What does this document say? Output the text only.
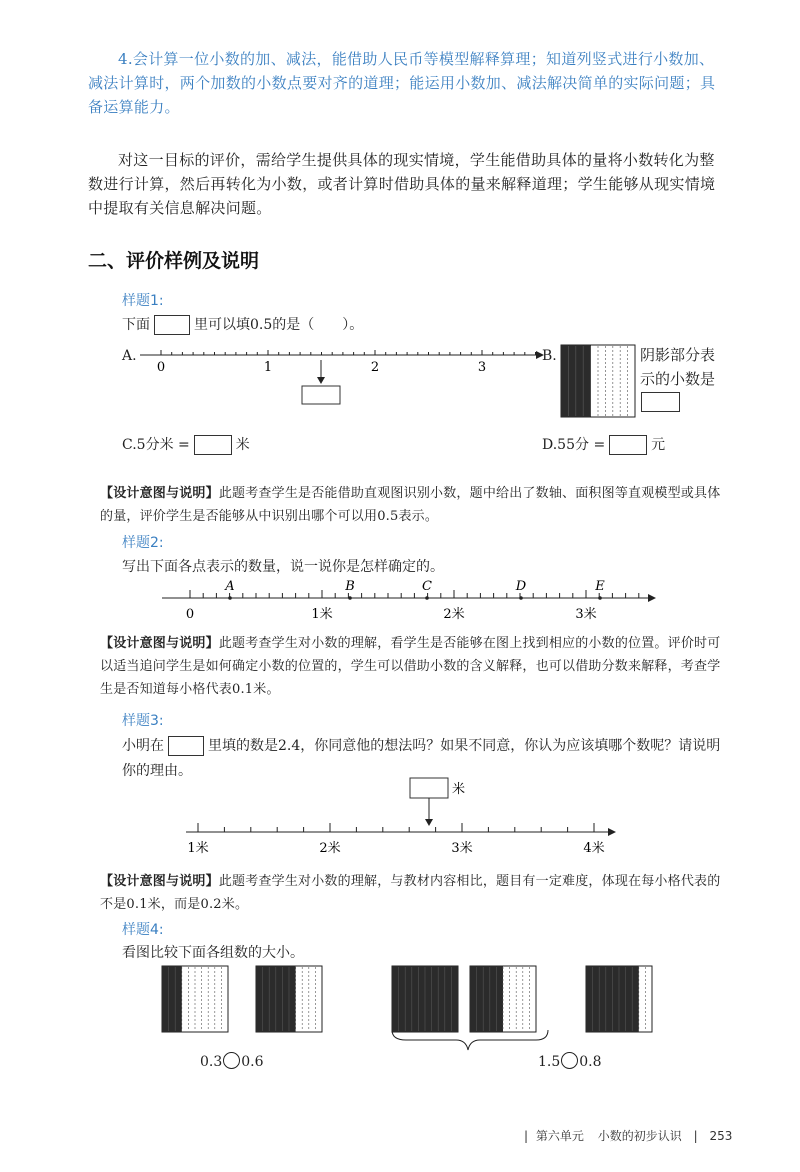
4.会计算一位小数的加、减法，能借助人民币等模型解释算理；知道列竖式进行小数加、减法计算时，两个加数的小数点要对齐的道理；能运用小数加、减法解决简单的实际问题；具备运算能力。
对这一目标的评价，需给学生提供具体的现实情境，学生能借助具体的量将小数转化为整数进行计算，然后再转化为小数，或者计算时借助具体的量来解释道理；学生能够从现实情境中提取有关信息解决问题。
二、评价样例及说明
样题1:
下面	里可以填0.5的是（　　）。
A.
0	1	2	3
B.	阴影部分表
示的小数是
C.5分米 =	米	D.55分 =	元
【设计意图与说明】此题考查学生是否能借助直观图识别小数，题中给出了数轴、面积图等直观模型或具体的量，评价学生是否能够从中识别出哪个可以用0.5表示。
样题2:
写出下面各点表示的数量，说一说你是怎样确定的。
A	B	C	D	E
0	1米	2米	3米
【设计意图与说明】此题考查学生对小数的理解，看学生是否能够在图上找到相应的小数的位置。评价时可以适当追问学生是如何确定小数的位置的，学生可以借助小数的含义解释，也可以借助分数来解释，考查学生是否知道每小格代表0.1米。
样题3:
小明在	里填的数是2.4，你同意他的想法吗？如果不同意，你认为应该填哪个数呢？请说明你的理由。
米
1米	2米	3米	4米
【设计意图与说明】此题考查学生对小数的理解，与教材内容相比，题目有一定难度，体现在每小格代表的不是0.1米，而是0.2米。
样题4:
看图比较下面各组数的大小。
0.3 0.6	1.5 0.8
| 第六单元 小数的初步认识 | 253
